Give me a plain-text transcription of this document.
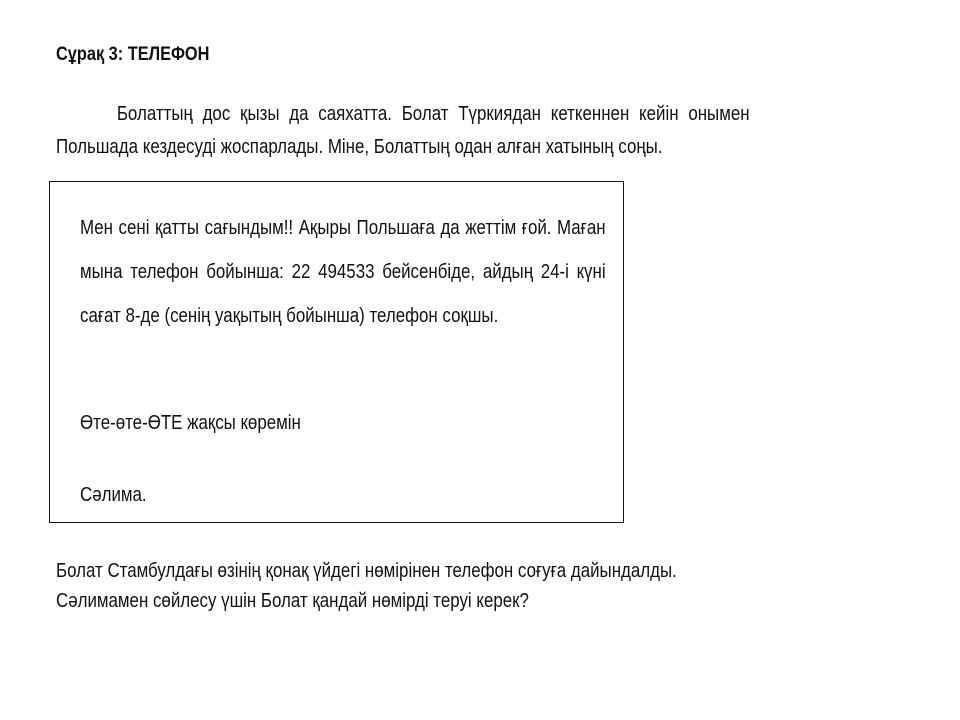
Сұрақ 3: ТЕЛЕФОН
Болаттың дос қызы да саяхатта. Болат Түркиядан кеткеннен кейін онымен
Польшада кездесуді жоспарлады. Міне, Болаттың одан алған хатының соңы.
Мен сені қатты сағындым!! Ақыры Польшаға да жеттім ғой. Маған мына телефон бойынша: 22 494533 бейсенбіде, айдың 24-і күні сағат 8-де (сенің уақытың бойынша) телефон соқшы.
Өте-өте-ӨТЕ жақсы көремін
Сәлима.
Болат Стамбулдағы өзінің қонақ үйдегі нөмірінен телефон соғуға дайындалды.
Сәлимамен сөйлесу үшін Болат қандай нөмірді теруі керек?
